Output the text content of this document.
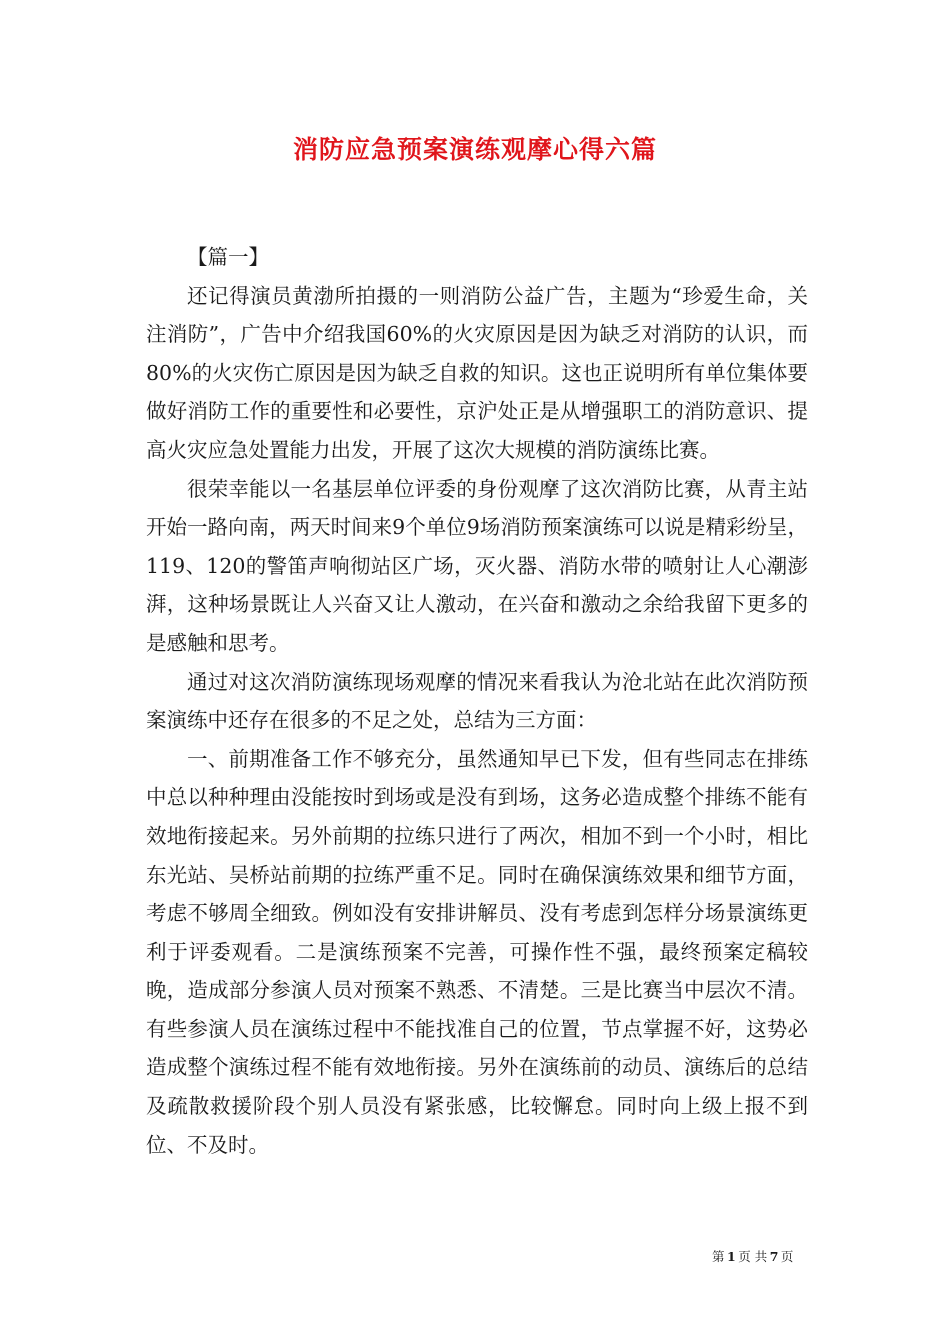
消防应急预案演练观摩心得六篇

【篇一】

还记得演员黄渤所拍摄的一则消防公益广告，主题为“珍爱生命，关注消防”，广告中介绍我国60%的火灾原因是因为缺乏对消防的认识，而80%的火灾伤亡原因是因为缺乏自救的知识。这也正说明所有单位集体要做好消防工作的重要性和必要性，京沪处正是从增强职工的消防意识、提高火灾应急处置能力出发，开展了这次大规模的消防演练比赛。

很荣幸能以一名基层单位评委的身份观摩了这次消防比赛，从青主站开始一路向南，两天时间来9个单位9场消防预案演练可以说是精彩纷呈，119、120的警笛声响彻站区广场，灭火器、消防水带的喷射让人心潮澎湃，这种场景既让人兴奋又让人激动，在兴奋和激动之余给我留下更多的是感触和思考。

通过对这次消防演练现场观摩的情况来看我认为沧北站在此次消防预案演练中还存在很多的不足之处，总结为三方面：

一、前期准备工作不够充分，虽然通知早已下发，但有些同志在排练中总以种种理由没能按时到场或是没有到场，这务必造成整个排练不能有效地衔接起来。另外前期的拉练只进行了两次，相加不到一个小时，相比东光站、吴桥站前期的拉练严重不足。同时在确保演练效果和细节方面，考虑不够周全细致。例如没有安排讲解员、没有考虑到怎样分场景演练更利于评委观看。二是演练预案不完善，可操作性不强，最终预案定稿较晚，造成部分参演人员对预案不熟悉、不清楚。三是比赛当中层次不清。有些参演人员在演练过程中不能找准自己的位置，节点掌握不好，这势必造成整个演练过程不能有效地衔接。另外在演练前的动员、演练后的总结及疏散救援阶段个别人员没有紧张感，比较懈怠。同时向上级上报不到位、不及时。

第  1  页 共  7  页
